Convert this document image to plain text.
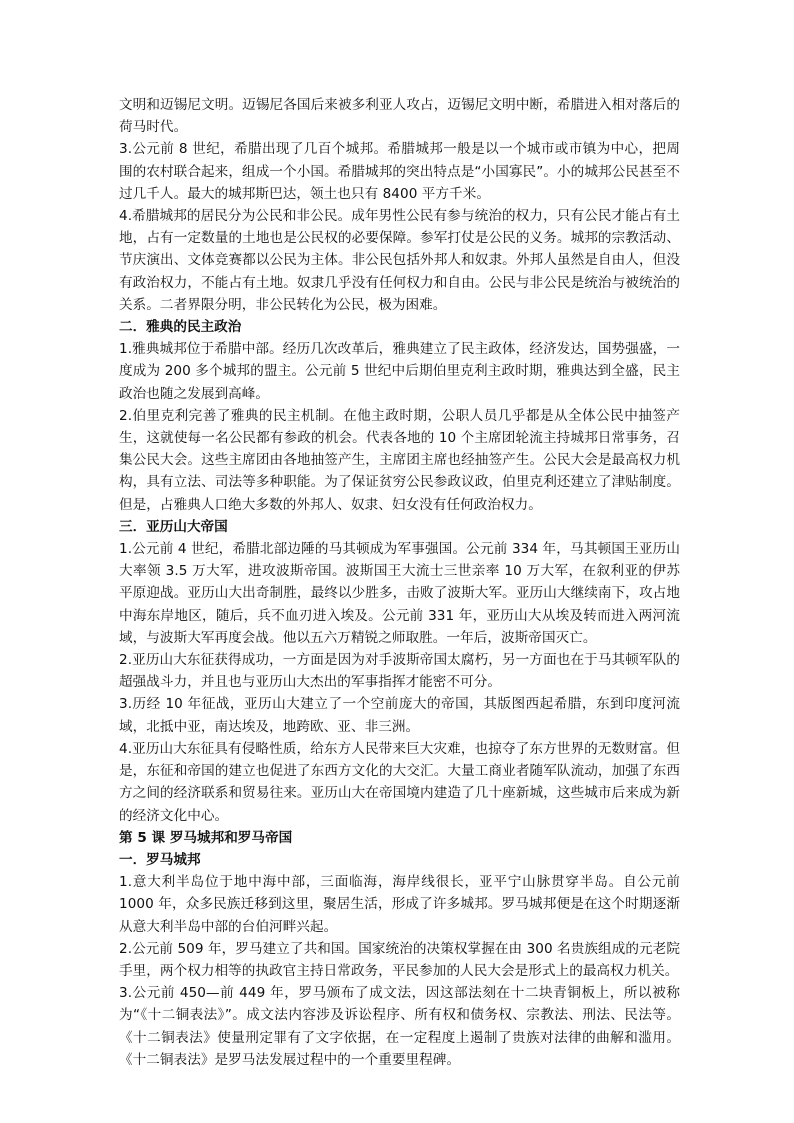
文明和迈锡尼文明。迈锡尼各国后来被多利亚人攻占，迈锡尼文明中断，希腊进入相对落后的荷马时代。

3.公元前 8 世纪，希腊出现了几百个城邦。希腊城邦一般是以一个城市或市镇为中心，把周围的农村联合起来，组成一个小国。希腊城邦的突出特点是“小国寡民”。小的城邦公民甚至不过几千人。最大的城邦斯巴达，领土也只有 8400 平方千米。

4.希腊城邦的居民分为公民和非公民。成年男性公民有参与统治的权力，只有公民才能占有土地，占有一定数量的土地也是公民权的必要保障。参军打仗是公民的义务。城邦的宗教活动、节庆演出、文体竞赛都以公民为主体。非公民包括外邦人和奴隶。外邦人虽然是自由人，但没有政治权力，不能占有土地。奴隶几乎没有任何权力和自由。公民与非公民是统治与被统治的关系。二者界限分明，非公民转化为公民，极为困难。

二．雅典的民主政治

1.雅典城邦位于希腊中部。经历几次改革后，雅典建立了民主政体，经济发达，国势强盛，一度成为 200 多个城邦的盟主。公元前 5 世纪中后期伯里克利主政时期，雅典达到全盛，民主政治也随之发展到高峰。

2.伯里克利完善了雅典的民主机制。在他主政时期，公职人员几乎都是从全体公民中抽签产生，这就使每一名公民都有参政的机会。代表各地的 10 个主席团轮流主持城邦日常事务，召集公民大会。这些主席团由各地抽签产生，主席团主席也经抽签产生。公民大会是最高权力机构，具有立法、司法等多种职能。为了保证贫穷公民参政议政，伯里克利还建立了津贴制度。但是，占雅典人口绝大多数的外邦人、奴隶、妇女没有任何政治权力。

三．亚历山大帝国

1.公元前 4 世纪，希腊北部边陲的马其顿成为军事强国。公元前 334 年，马其顿国王亚历山大率领 3.5 万大军，进攻波斯帝国。波斯国王大流士三世亲率 10 万大军，在叙利亚的伊苏平原迎战。亚历山大出奇制胜，最终以少胜多，击败了波斯大军。亚历山大继续南下，攻占地中海东岸地区，随后，兵不血刃进入埃及。公元前 331 年，亚历山大从埃及转而进入两河流域，与波斯大军再度会战。他以五六万精锐之师取胜。一年后，波斯帝国灭亡。

2.亚历山大东征获得成功，一方面是因为对手波斯帝国太腐朽，另一方面也在于马其顿军队的超强战斗力，并且也与亚历山大杰出的军事指挥才能密不可分。

3.历经 10 年征战，亚历山大建立了一个空前庞大的帝国，其版图西起希腊，东到印度河流域，北抵中亚，南达埃及，地跨欧、亚、非三洲。

4.亚历山大东征具有侵略性质，给东方人民带来巨大灾难，也掠夺了东方世界的无数财富。但是，东征和帝国的建立也促进了东西方文化的大交汇。大量工商业者随军队流动，加强了东西方之间的经济联系和贸易往来。亚历山大在帝国境内建造了几十座新城，这些城市后来成为新的经济文化中心。

第 5 课 罗马城邦和罗马帝国
一．罗马城邦

1.意大利半岛位于地中海中部，三面临海，海岸线很长，亚平宁山脉贯穿半岛。自公元前 1000 年，众多民族迁移到这里，聚居生活，形成了许多城邦。罗马城邦便是在这个时期逐渐从意大利半岛中部的台伯河畔兴起。

2.公元前 509 年，罗马建立了共和国。国家统治的决策权掌握在由 300 名贵族组成的元老院手里，两个权力相等的执政官主持日常政务，平民参加的人民大会是形式上的最高权力机关。

3.公元前 450—前 449 年，罗马颁布了成文法，因这部法刻在十二块青铜板上，所以被称为“《十二铜表法》”。成文法内容涉及诉讼程序、所有权和债务权、宗教法、刑法、民法等。《十二铜表法》使量刑定罪有了文字依据，在一定程度上遏制了贵族对法律的曲解和滥用。《十二铜表法》是罗马法发展过程中的一个重要里程碑。
